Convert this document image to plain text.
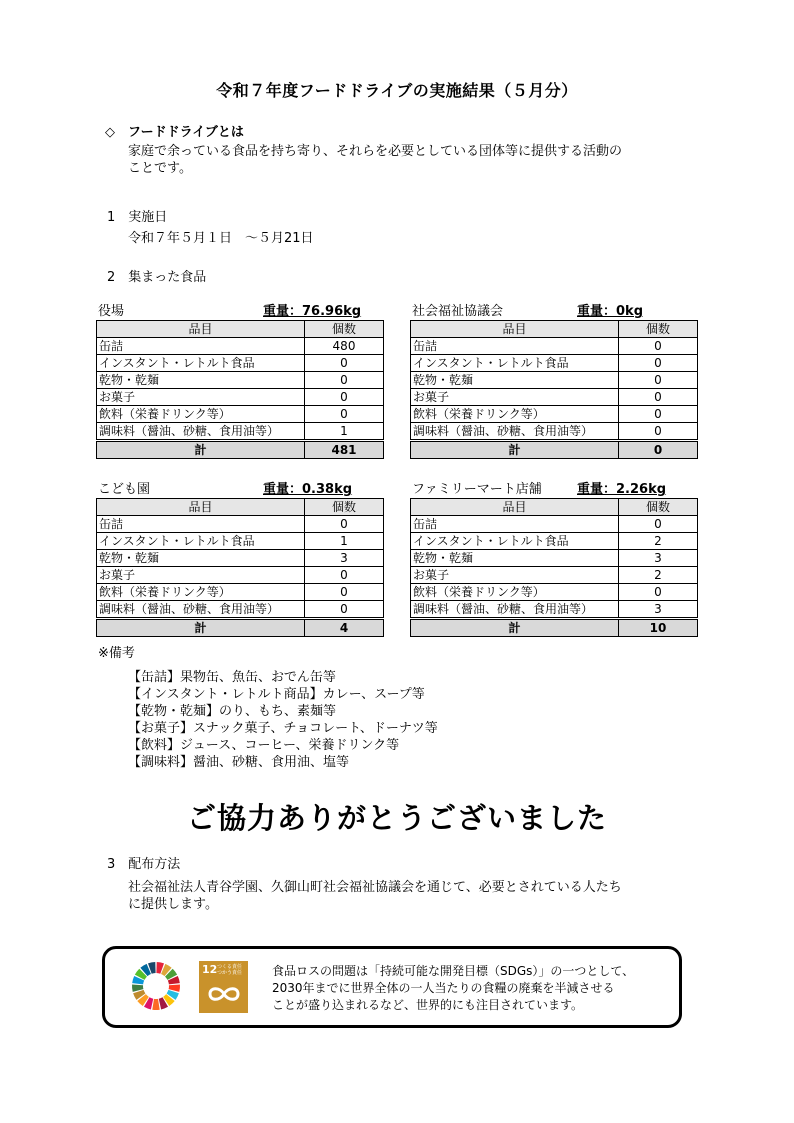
令和７年度フードドライブの実施結果（５月分）
◇ フードドライブとは
家庭で余っている食品を持ち寄り、それらを必要としている団体等に提供する活動の
ことです。
1　実施日
令和７年５月１日　～５月21日
2　集まった食品
役場	重量：76.96kg
品目	個数
缶詰	480
インスタント・レトルト食品	0
乾物・乾麺	0
お菓子	0
飲料（栄養ドリンク等）	0
調味料（醤油、砂糖、食用油等）	1
計	481
社会福祉協議会	重量：0kg
品目	個数
缶詰	0
インスタント・レトルト食品	0
乾物・乾麺	0
お菓子	0
飲料（栄養ドリンク等）	0
調味料（醤油、砂糖、食用油等）	0
計	0
こども園	重量：0.38kg
品目	個数
缶詰	0
インスタント・レトルト食品	1
乾物・乾麺	3
お菓子	0
飲料（栄養ドリンク等）	0
調味料（醤油、砂糖、食用油等）	0
計	4
ファミリーマート店舗	重量：2.26kg
品目	個数
缶詰	0
インスタント・レトルト食品	2
乾物・乾麺	3
お菓子	2
飲料（栄養ドリンク等）	0
調味料（醤油、砂糖、食用油等）	3
計	10
※備考
【缶詰】果物缶、魚缶、おでん缶等
【インスタント・レトルト商品】カレー、スープ等
【乾物・乾麺】のり、もち、素麺等
【お菓子】スナック菓子、チョコレート、ドーナツ等
【飲料】ジュース、コーヒー、栄養ドリンク等
【調味料】醤油、砂糖、食用油、塩等
ご協力ありがとうございました
3　配布方法
社会福祉法人青谷学園、久御山町社会福祉協議会を通じて、必要とされている人たち
に提供します。
12 つくる責任
つかう責任 食品ロスの問題は「持続可能な開発目標（SDGs）」の一つとして、
2030年までに世界全体の一人当たりの食糧の廃棄を半減させる
ことが盛り込まれるなど、世界的にも注目されています。
